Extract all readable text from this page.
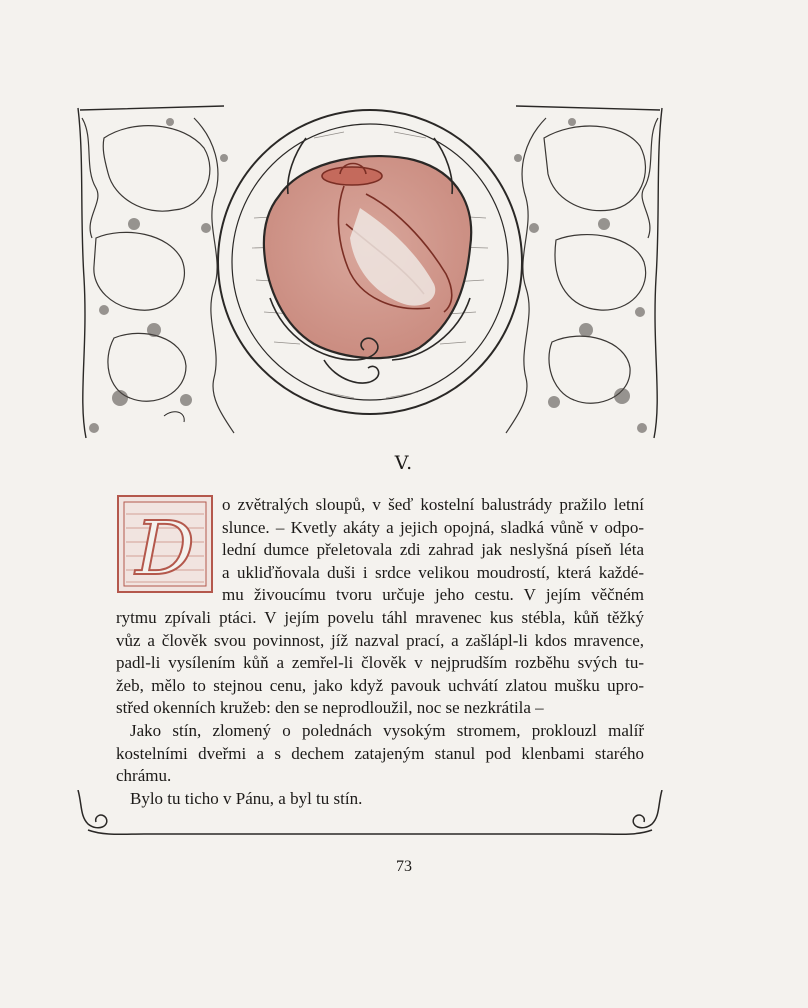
V.
D
o zvětralých sloupů, v šeď kostelní balustrády pražilo letní
slunce. – Kvetly akáty a jejich opojná, sladká vůně v odpo-
lední dumce přeletovala zdi zahrad jak neslyšná píseň léta
a ukliďňovala duši i srdce velikou moudrostí, která každé-
mu živoucímu tvoru určuje jeho cestu. V jejím věčném
rytmu zpívali ptáci. V jejím povelu táhl mravenec kus stébla, kůň těžký
vůz a člověk svou povinnost, jíž nazval prací, a zašlápl-li kdos mravence,
padl-li vysílením kůň a zemřel-li člověk v nejprudším rozběhu svých tu-
žeb, mělo to stejnou cenu, jako když pavouk uchvátí zlatou mušku upro-
střed okenních kružeb: den se neprodloužil, noc se nezkrátila –
Jako stín, zlomený o polednách vysokým stromem, proklouzl malíř
kostelními dveřmi a s dechem zatajeným stanul pod klenbami starého
chrámu.
Bylo tu ticho v Pánu, a byl tu stín.
73
